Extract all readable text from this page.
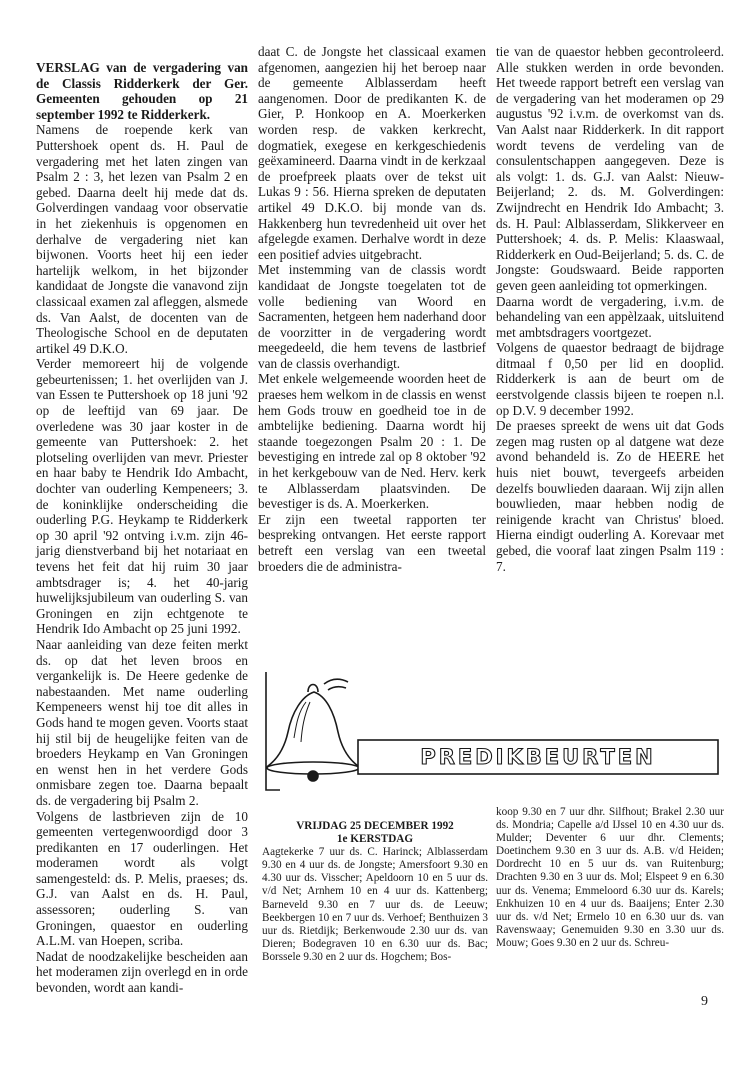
VERSLAG van de vergadering van de Classis Ridderkerk der Ger. Gemeenten gehouden op 21 september 1992 te Ridderkerk.

Namens de roepende kerk van Puttershoek opent ds. H. Paul de vergadering met het laten zingen van Psalm 2 : 3, het lezen van Psalm 2 en gebed. Daarna deelt hij mede dat ds. Golverdingen vandaag voor observatie in het ziekenhuis is opgenomen en derhalve de vergadering niet kan bijwonen. Voorts heet hij een ieder hartelijk welkom, in het bijzonder kandidaat de Jongste die vanavond zijn classicaal examen zal afleggen, alsmede ds. Van Aalst, de docenten van de Theologische School en de deputaten artikel 49 D.K.O.

Verder memoreert hij de volgende gebeurtenissen; 1. het overlijden van J. van Essen te Puttershoek op 18 juni '92 op de leeftijd van 69 jaar. De overledene was 30 jaar koster in de gemeente van Puttershoek: 2. het plotseling overlijden van mevr. Priester en haar baby te Hendrik Ido Ambacht, dochter van ouderling Kempeneers; 3. de koninklijke onderscheiding die ouderling P.G. Heykamp te Ridderkerk op 30 april '92 ontving i.v.m. zijn 46-jarig dienstverband bij het notariaat en tevens het feit dat hij ruim 30 jaar ambtsdrager is; 4. het 40-jarig huwelijksjubileum van ouderling S. van Groningen en zijn echtgenote te Hendrik Ido Ambacht op 25 juni 1992.

Naar aanleiding van deze feiten merkt ds. op dat het leven broos en vergankelijk is. De Heere gedenke de nabestaanden. Met name ouderling Kempeneers wenst hij toe dit alles in Gods hand te mogen geven. Voorts staat hij stil bij de heugelijke feiten van de broeders Heykamp en Van Groningen en wenst hen in het verdere Gods onmisbare zegen toe. Daarna bepaalt ds. de vergadering bij Psalm 2.

Volgens de lastbrieven zijn de 10 gemeenten vertegenwoordigd door 3 predikanten en 17 ouderlingen. Het moderamen wordt als volgt samengesteld: ds. P. Melis, praeses; ds. G.J. van Aalst en ds. H. Paul, assessoren; ouderling S. van Groningen, quaestor en ouderling A.L.M. van Hoepen, scriba.

Nadat de noodzakelijke bescheiden aan het moderamen zijn overlegd en in orde bevonden, wordt aan kandi-

daat C. de Jongste het classicaal examen afgenomen, aangezien hij het beroep naar de gemeente Alblasserdam heeft aangenomen. Door de predikanten K. de Gier, P. Honkoop en A. Moerkerken worden resp. de vakken kerkrecht, dogmatiek, exegese en kerkgeschiedenis geëxamineerd. Daarna vindt in de kerkzaal de proefpreek plaats over de tekst uit Lukas 9 : 56. Hierna spreken de deputaten artikel 49 D.K.O. bij monde van ds. Hakkenberg hun tevredenheid uit over het afgelegde examen. Derhalve wordt in deze een positief advies uitgebracht.

Met instemming van de classis wordt kandidaat de Jongste toegelaten tot de volle bediening van Woord en Sacramenten, hetgeen hem naderhand door de voorzitter in de vergadering wordt meegedeeld, die hem tevens de lastbrief van de classis overhandigt.

Met enkele welgemeende woorden heet de praeses hem welkom in de classis en wenst hem Gods trouw en goedheid toe in de ambtelijke bediening. Daarna wordt hij staande toegezongen Psalm 20 : 1. De bevestiging en intrede zal op 8 oktober '92 in het kerkgebouw van de Ned. Herv. kerk te Alblasserdam plaatsvinden. De bevestiger is ds. A. Moerkerken.

Er zijn een tweetal rapporten ter bespreking ontvangen. Het eerste rapport betreft een verslag van een tweetal broeders die de administra-

tie van de quaestor hebben gecontroleerd. Alle stukken werden in orde bevonden. Het tweede rapport betreft een verslag van de vergadering van het moderamen op 29 augustus '92 i.v.m. de overkomst van ds. Van Aalst naar Ridderkerk. In dit rapport wordt tevens de verdeling van de consulentschappen aangegeven. Deze is als volgt: 1. ds. G.J. van Aalst: Nieuw-Beijerland; 2. ds. M. Golverdingen: Zwijndrecht en Hendrik Ido Ambacht; 3. ds. H. Paul: Alblasserdam, Slikkerveer en Puttershoek; 4. ds. P. Melis: Klaaswaal, Ridderkerk en Oud-Beijerland; 5. ds. C. de Jongste: Goudswaard. Beide rapporten geven geen aanleiding tot opmerkingen.

Daarna wordt de vergadering, i.v.m. de behandeling van een appèlzaak, uitsluitend met ambtsdragers voortgezet.

Volgens de quaestor bedraagt de bijdrage ditmaal f 0,50 per lid en dooplid. Ridderkerk is aan de beurt om de eerstvolgende classis bijeen te roepen n.l. op D.V. 9 december 1992.

De praeses spreekt de wens uit dat Gods zegen mag rusten op al datgene wat deze avond behandeld is. Zo de HEERE het huis niet bouwt, tevergeefs arbeiden dezelfs bouwlieden daaraan. Wij zijn allen bouwlieden, maar hebben nodig de reinigende kracht van Christus' bloed. Hierna eindigt ouderling A. Korevaar met gebed, die vooraf laat zingen Psalm 119 : 7.

PREDIKBEURTEN
VRIJDAG 25 DECEMBER 1992
1e KERSTDAG
Aagtekerke 7 uur ds. C. Harinck; Alblasserdam 9.30 en 4 uur ds. de Jongste; Amersfoort 9.30 en 4.30 uur ds. Visscher; Apeldoorn 10 en 5 uur ds. v/d Net; Arnhem 10 en 4 uur ds. Kattenberg; Barneveld 9.30 en 7 uur ds. de Leeuw; Beekbergen 10 en 7 uur ds. Verhoef; Benthuizen 3 uur ds. Rietdijk; Berkenwoude 2.30 uur ds. van Dieren; Bodegraven 10 en 6.30 uur ds. Bac; Borssele 9.30 en 2 uur ds. Hogchem; Bos-
koop 9.30 en 7 uur dhr. Silfhout; Brakel 2.30 uur ds. Mondria; Capelle a/d IJssel 10 en 4.30 uur ds. Mulder; Deventer 6 uur dhr. Clements; Doetinchem 9.30 en 3 uur ds. A.B. v/d Heiden; Dordrecht 10 en 5 uur ds. van Ruitenburg; Drachten 9.30 en 3 uur ds. Mol; Elspeet 9 en 6.30 uur ds. Venema; Emmeloord 6.30 uur ds. Karels; Enkhuizen 10 en 4 uur ds. Baaijens; Enter 2.30 uur ds. v/d Net; Ermelo 10 en 6.30 uur ds. van Ravenswaay; Genemuiden 9.30 en 3.30 uur ds. Mouw; Goes 9.30 en 2 uur ds. Schreu-
9
